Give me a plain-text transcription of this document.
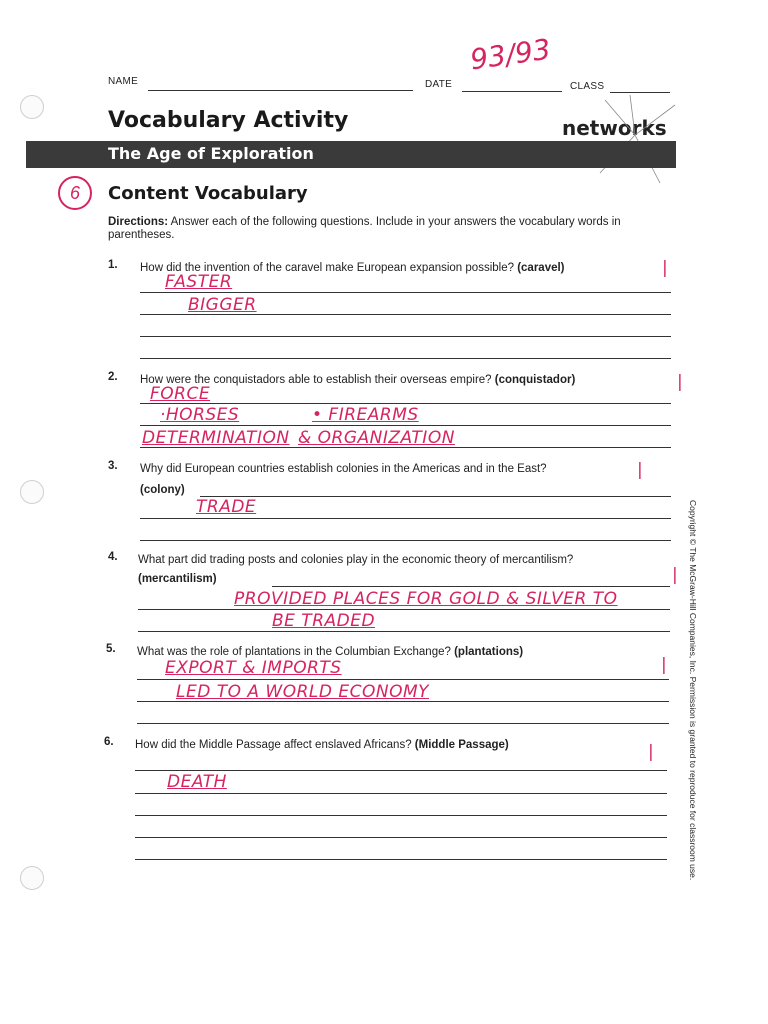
NAME	DATE	CLASS
93/93
Vocabulary Activity	networks
The Age of Exploration
6	Content Vocabulary
Directions: Answer each of the following questions. Include in your answers the vocabulary words in parentheses.
1. How did the invention of the caravel make European expansion possible? (caravel)	|
FASTER
BIGGER
2. How were the conquistadors able to establish their overseas empire? (conquistador)	|
FORCE
·HORSES	• FIREARMS
DETERMINATION & ORGANIZATION
3. Why did European countries establish colonies in the Americas and in the East?	|
(colony)
TRADE
4. What part did trading posts and colonies play in the economic theory of mercantilism?
|
(mercantilism)
PROVIDED PLACES FOR GOLD & SILVER TO
BE TRADED
5. What was the role of plantations in the Columbian Exchange? (plantations)
|
EXPORT & IMPORTS
LED TO A WORLD ECONOMY
6. How did the Middle Passage affect enslaved Africans? (Middle Passage)	|
DEATH	Copyright © The McGraw-Hill Companies, Inc. Permission is granted to reproduce for classroom use.
